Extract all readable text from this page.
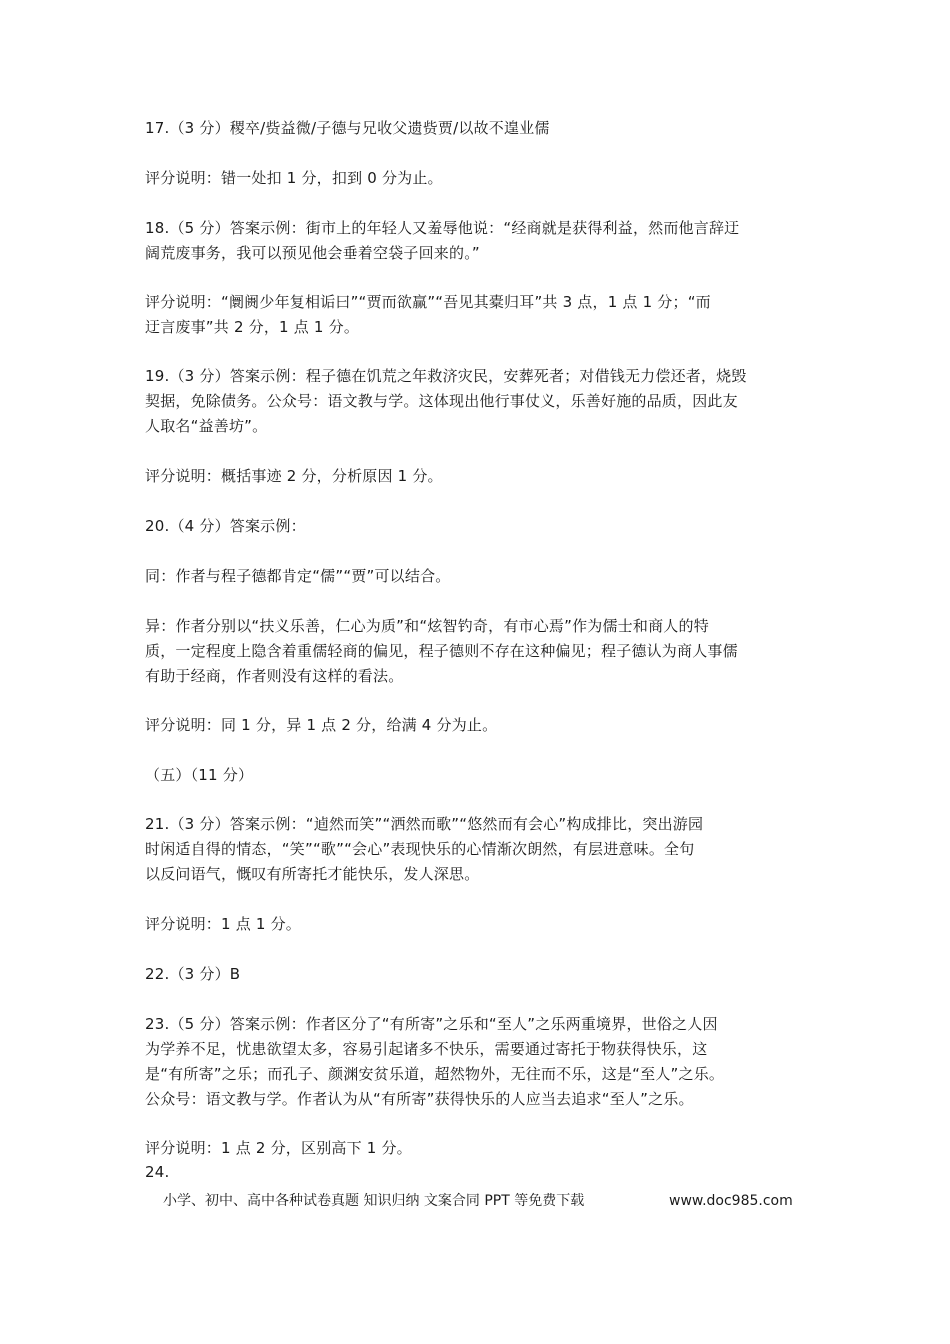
17.（3 分）稷卒/赀益微/子德与兄收父遗赀贾/以故不遑业儒
评分说明：错一处扣 1 分，扣到 0 分为止。
18.（5 分）答案示例：街市上的年轻人又羞辱他说：“经商就是获得利益，然而他言辞迂
阔荒废事务，我可以预见他会垂着空袋子回来的。”
评分说明：“阛阓少年复相诟曰”“贾而欲赢”“吾见其橐归耳”共 3 点，1 点 1 分；“而
迂言废事”共 2 分，1 点 1 分。
19.（3 分）答案示例：程子德在饥荒之年救济灾民，安葬死者；对借钱无力偿还者，烧毁
契据，免除债务。公众号：语文教与学。这体现出他行事仗义，乐善好施的品质，因此友
人取名“益善坊”。
评分说明：概括事迹 2 分，分析原因 1 分。
20.（4 分）答案示例：
同：作者与程子德都肯定“儒”“贾”可以结合。
异：作者分别以“扶义乐善，仁心为质”和“炫智钓奇，有市心焉”作为儒士和商人的特
质，一定程度上隐含着重儒轻商的偏见，程子德则不存在这种偏见；程子德认为商人事儒
有助于经商，作者则没有这样的看法。
评分说明：同 1 分，异 1 点 2 分，给满 4 分为止。
（五）（11 分）
21.（3 分）答案示例：“逌然而笑”“洒然而歌”“悠然而有会心”构成排比，突出游园
时闲适自得的情态，“笑”“歌”“会心”表现快乐的心情渐次朗然，有层进意味。全句
以反问语气，慨叹有所寄托才能快乐，发人深思。
评分说明：1 点 1 分。
22.（3 分）B
23.（5 分）答案示例：作者区分了“有所寄”之乐和“至人”之乐两重境界，世俗之人因
为学养不足，忧患欲望太多，容易引起诸多不快乐，需要通过寄托于物获得快乐，这
是“有所寄”之乐；而孔子、颜渊安贫乐道，超然物外，无往而不乐，这是“至人”之乐。
公众号：语文教与学。作者认为从“有所寄”获得快乐的人应当去追求“至人”之乐。
评分说明：1 点 2 分，区别高下 1 分。
24.
小学、初中、高中各种试卷真题 知识归纳 文案合同 PPT 等免费下载	www.doc985.com
